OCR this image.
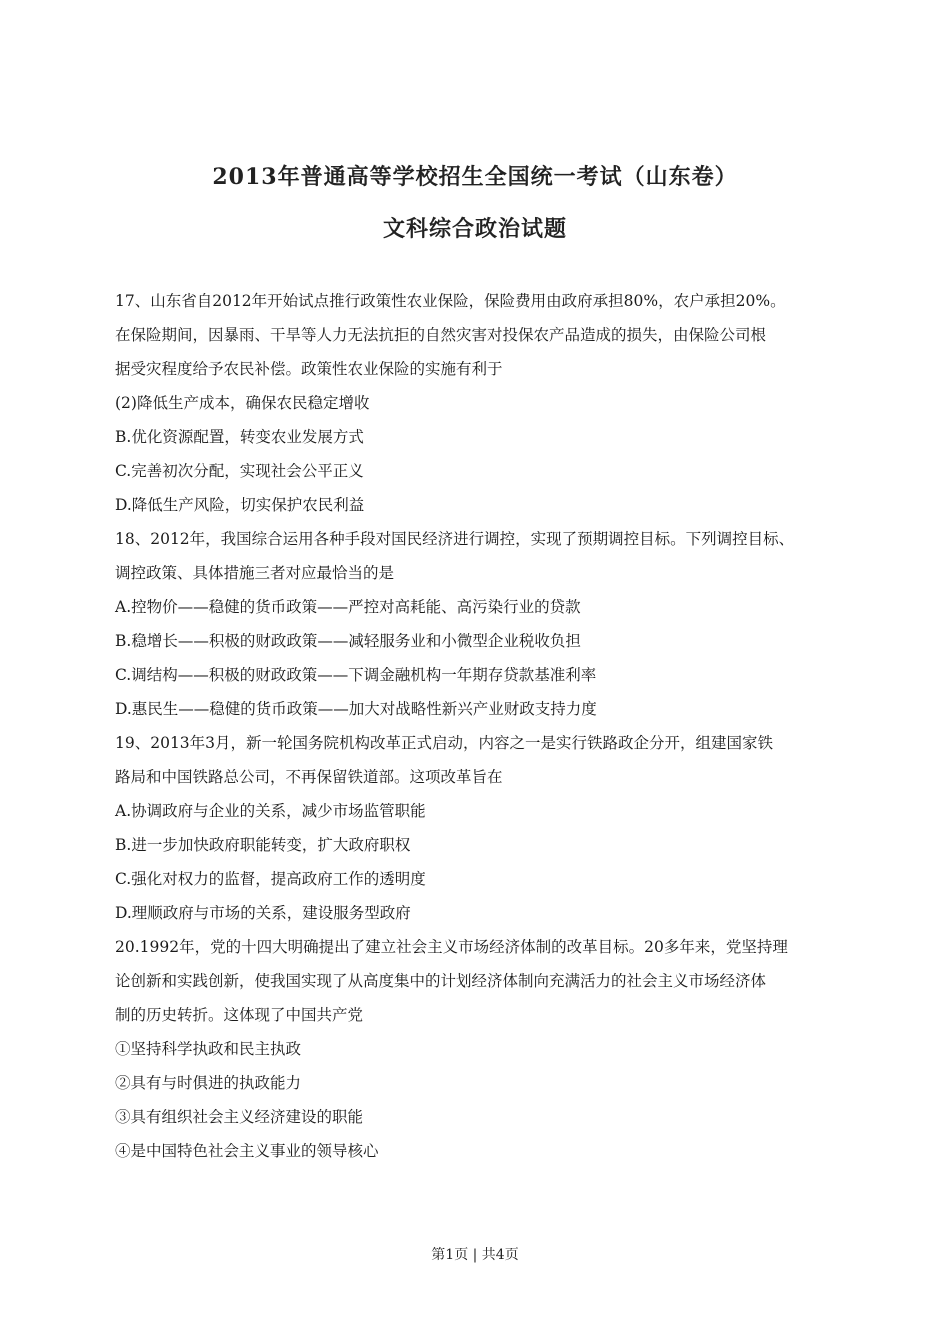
2013年普通高等学校招生全国统一考试（山东卷）
文科综合政治试题
17、山东省自2012年开始试点推行政策性农业保险，保险费用由政府承担80%，农户承担20%。
在保险期间，因暴雨、干旱等人力无法抗拒的自然灾害对投保农产品造成的损失，由保险公司根
据受灾程度给予农民补偿。政策性农业保险的实施有利于
(2)降低生产成本，确保农民稳定增收
B.优化资源配置，转变农业发展方式
C.完善初次分配，实现社会公平正义
D.降低生产风险，切实保护农民利益
18、2012年，我国综合运用各种手段对国民经济进行调控，实现了预期调控目标。下列调控目标、
调控政策、具体措施三者对应最恰当的是
A.控物价——稳健的货币政策——严控对高耗能、高污染行业的贷款
B.稳增长——积极的财政政策——减轻服务业和小微型企业税收负担
C.调结构——积极的财政政策——下调金融机构一年期存贷款基准利率
D.惠民生——稳健的货币政策——加大对战略性新兴产业财政支持力度
19、2013年3月，新一轮国务院机构改革正式启动，内容之一是实行铁路政企分开，组建国家铁
路局和中国铁路总公司，不再保留铁道部。这项改革旨在
A.协调政府与企业的关系，减少市场监管职能
B.进一步加快政府职能转变，扩大政府职权
C.强化对权力的监督，提高政府工作的透明度
D.理顺政府与市场的关系，建设服务型政府
20.1992年，党的十四大明确提出了建立社会主义市场经济体制的改革目标。20多年来，党坚持理
论创新和实践创新，使我国实现了从高度集中的计划经济体制向充满活力的社会主义市场经济体
制的历史转折。这体现了中国共产党
①坚持科学执政和民主执政
②具有与时俱进的执政能力
③具有组织社会主义经济建设的职能
④是中国特色社会主义事业的领导核心
第1页 | 共4页
